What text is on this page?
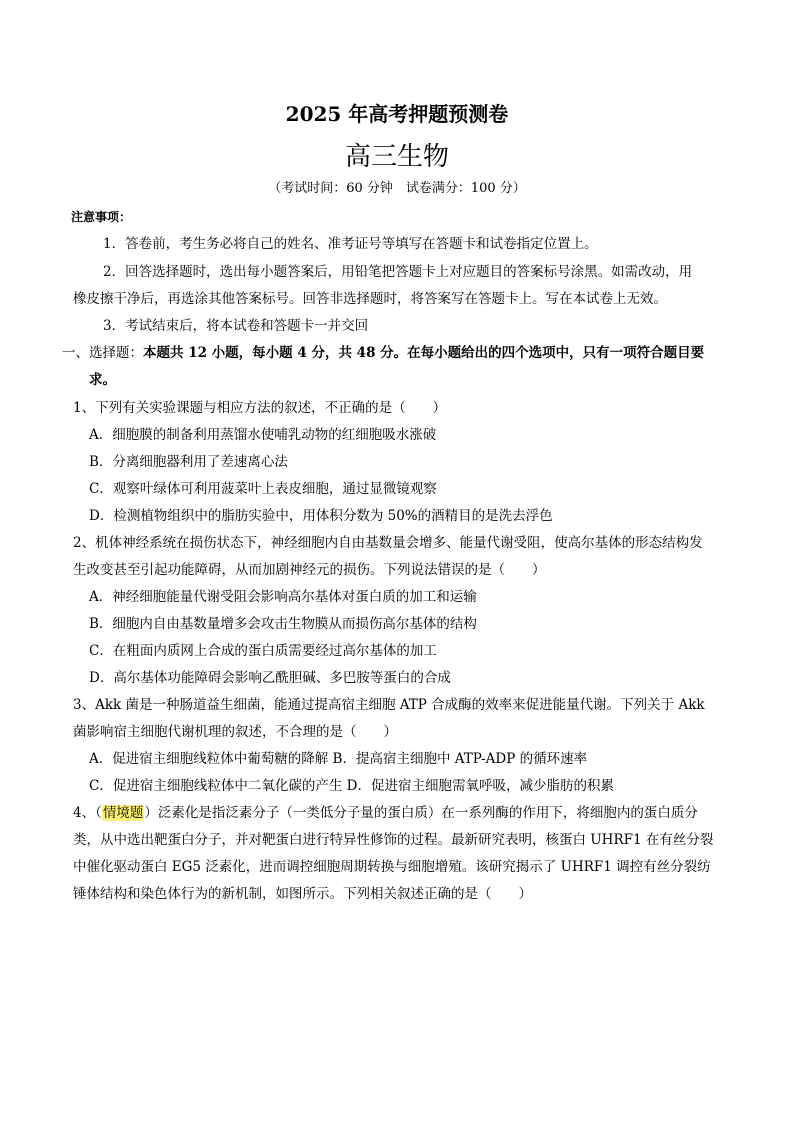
2025 年高考押题预测卷
高三生物
（考试时间：60 分钟　试卷满分：100 分）
注意事项：
1．答卷前，考生务必将自己的姓名、准考证号等填写在答题卡和试卷指定位置上。
2．回答选择题时，选出每小题答案后，用铅笔把答题卡上对应题目的答案标号涂黑。如需改动，用
橡皮擦干净后，再选涂其他答案标号。回答非选择题时，将答案写在答题卡上。写在本试卷上无效。
3．考试结束后，将本试卷和答题卡一并交回
一、选择题：本题共 12 小题，每小题 4 分，共 48 分。在每小题给出的四个选项中，只有一项符合题目要
求。
1、下列有关实验课题与相应方法的叙述，不正确的是（　　）
A．细胞膜的制备利用蒸馏水使哺乳动物的红细胞吸水涨破
B．分离细胞器利用了差速离心法
C．观察叶绿体可利用菠菜叶上表皮细胞，通过显微镜观察
D．检测植物组织中的脂肪实验中，用体积分数为 50%的酒精目的是洗去浮色
2、机体神经系统在损伤状态下，神经细胞内自由基数量会增多、能量代谢受阻，使高尔基体的形态结构发
生改变甚至引起功能障碍，从而加剧神经元的损伤。下列说法错误的是（　　）
A．神经细胞能量代谢受阻会影响高尔基体对蛋白质的加工和运输
B．细胞内自由基数量增多会攻击生物膜从而损伤高尔基体的结构
C．在粗面内质网上合成的蛋白质需要经过高尔基体的加工
D．高尔基体功能障碍会影响乙酰胆碱、多巴胺等蛋白的合成
3、Akk 菌是一种肠道益生细菌，能通过提高宿主细胞 ATP 合成酶的效率来促进能量代谢。下列关于 Akk
菌影响宿主细胞代谢机理的叙述，不合理的是（　　）
A．促进宿主细胞线粒体中葡萄糖的降解 B．提高宿主细胞中 ATP-ADP 的循环速率
C．促进宿主细胞线粒体中二氧化碳的产生 D．促进宿主细胞需氧呼吸，减少脂肪的积累
4、（情境题）泛素化是指泛素分子（一类低分子量的蛋白质）在一系列酶的作用下，将细胞内的蛋白质分
类，从中选出靶蛋白分子，并对靶蛋白进行特异性修饰的过程。最新研究表明，核蛋白 UHRF1 在有丝分裂
中催化驱动蛋白 EG5 泛素化，进而调控细胞周期转换与细胞增殖。该研究揭示了 UHRF1 调控有丝分裂纺
锤体结构和染色体行为的新机制，如图所示。下列相关叙述正确的是（　　）
